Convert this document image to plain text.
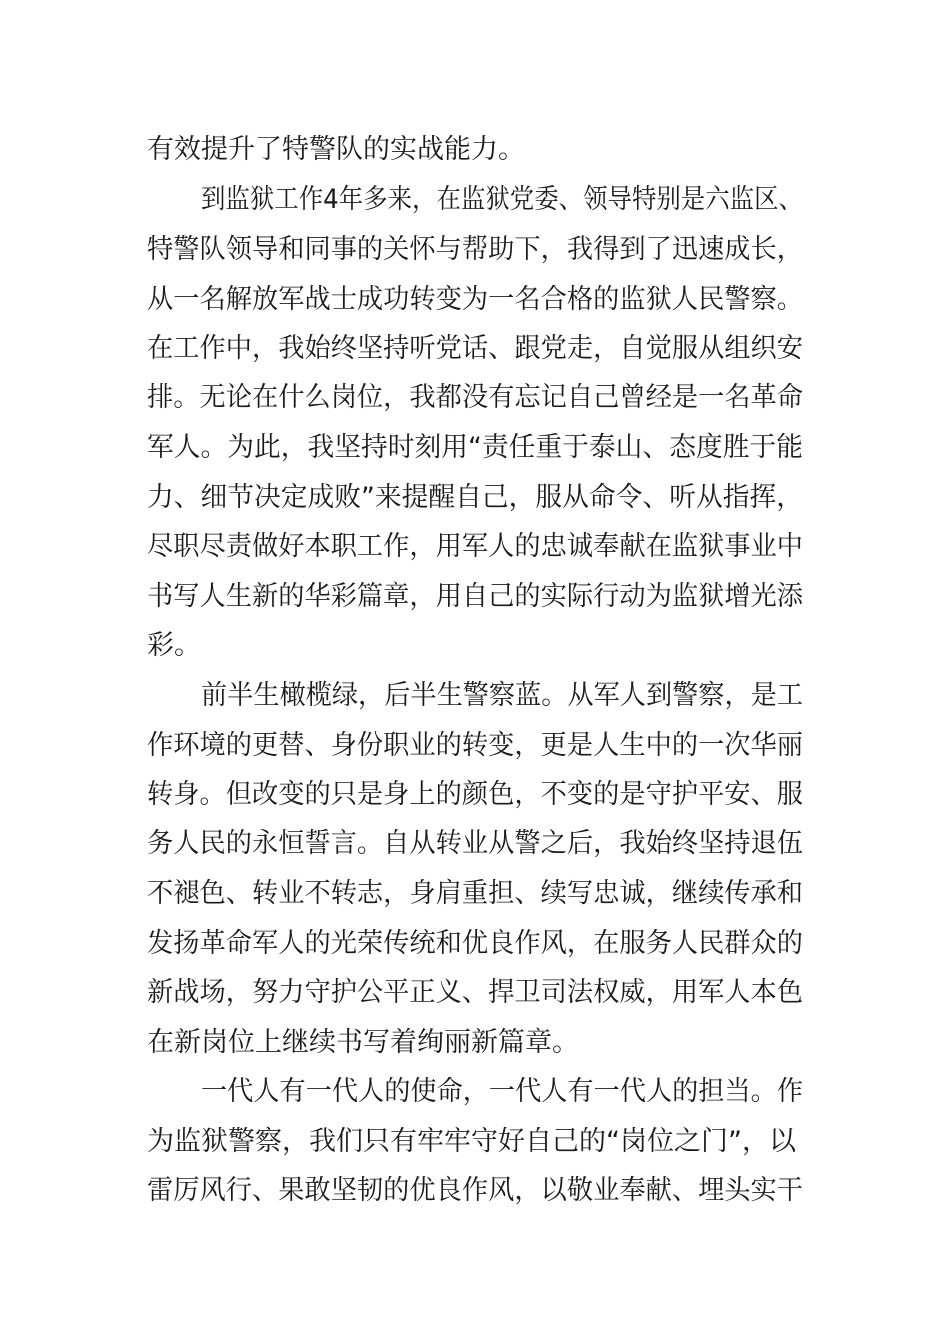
有效提升了特警队的实战能力。
到监狱工作4年多来，在监狱党委、领导特别是六监区、
特警队领导和同事的关怀与帮助下，我得到了迅速成长，
从一名解放军战士成功转变为一名合格的监狱人民警察。
在工作中，我始终坚持听党话、跟党走，自觉服从组织安
排。无论在什么岗位，我都没有忘记自己曾经是一名革命
军人。为此，我坚持时刻用“责任重于泰山、态度胜于能
力、细节决定成败”来提醒自己，服从命令、听从指挥，
尽职尽责做好本职工作，用军人的忠诚奉献在监狱事业中
书写人生新的华彩篇章，用自己的实际行动为监狱增光添
彩。
前半生橄榄绿，后半生警察蓝。从军人到警察，是工
作环境的更替、身份职业的转变，更是人生中的一次华丽
转身。但改变的只是身上的颜色，不变的是守护平安、服
务人民的永恒誓言。自从转业从警之后，我始终坚持退伍
不褪色、转业不转志，身肩重担、续写忠诚，继续传承和
发扬革命军人的光荣传统和优良作风，在服务人民群众的
新战场，努力守护公平正义、捍卫司法权威，用军人本色
在新岗位上继续书写着绚丽新篇章。
一代人有一代人的使命，一代人有一代人的担当。作
为监狱警察，我们只有牢牢守好自己的“岗位之门”，以
雷厉风行、果敢坚韧的优良作风，以敬业奉献、埋头实干
